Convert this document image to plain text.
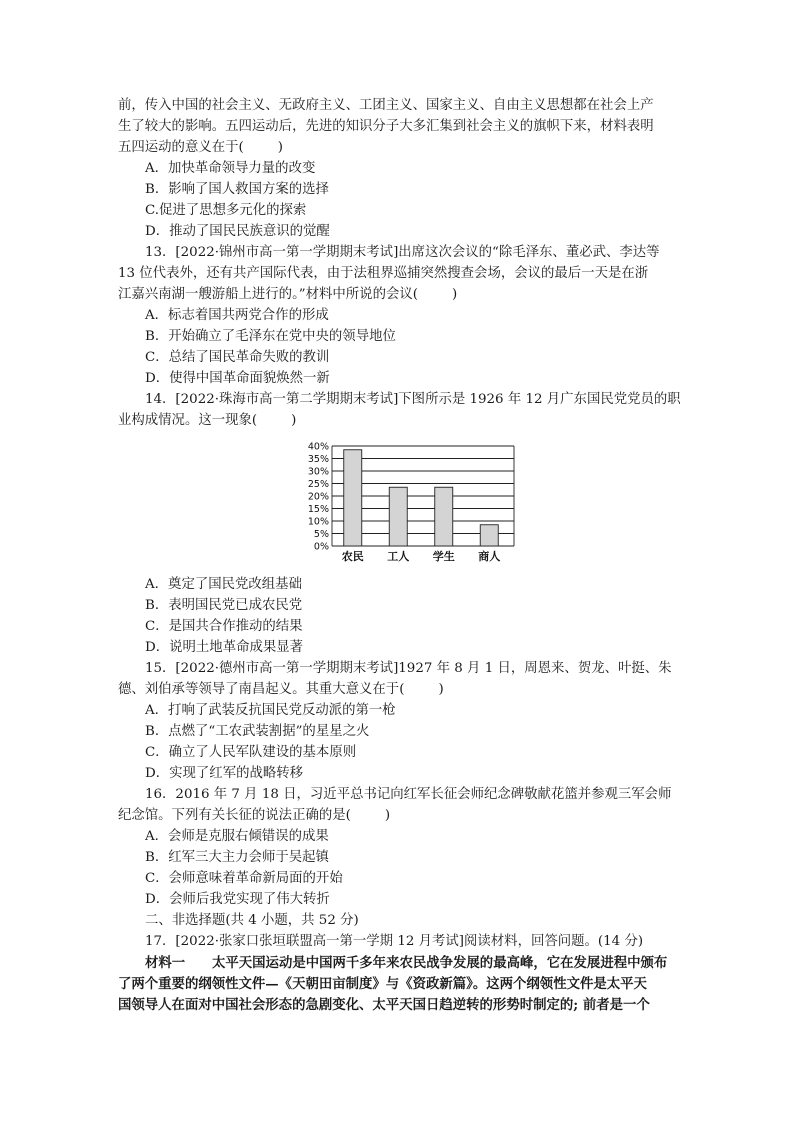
前，传入中国的社会主义、无政府主义、工团主义、国家主义、自由主义思想都在社会上产
生了较大的影响。五四运动后，先进的知识分子大多汇集到社会主义的旗帜下来，材料表明
五四运动的意义在于(	)
A．加快革命领导力量的改变
B．影响了国人救国方案的选择
C.促进了思想多元化的探索
D．推动了国民民族意识的觉醒
13．[2022·锦州市高一第一学期期末考试]出席这次会议的“除毛泽东、董必武、李达等
13 位代表外，还有共产国际代表，由于法租界巡捕突然搜查会场，会议的最后一天是在浙
江嘉兴南湖一艘游船上进行的。”材料中所说的会议(	)
A．标志着国共两党合作的形成
B．开始确立了毛泽东在党中央的领导地位
C．总结了国民革命失败的教训
D．使得中国革命面貌焕然一新
14．[2022·珠海市高一第二学期期末考试]下图所示是 1926 年 12 月广东国民党党员的职
业构成情况。这一现象(	)
0%
5%
10%
15%
20%
25%
30%
35%
40%
农民 工人 学生 商人
A．奠定了国民党改组基础
B．表明国民党已成农民党
C．是国共合作推动的结果
D．说明土地革命成果显著
15．[2022·德州市高一第一学期期末考试]1927 年 8 月 1 日，周恩来、贺龙、叶挺、朱
德、刘伯承等领导了南昌起义。其重大意义在于(	)
A．打响了武装反抗国民党反动派的第一枪
B．点燃了“工农武装割据”的星星之火
C．确立了人民军队建设的基本原则
D．实现了红军的战略转移
16．2016 年 7 月 18 日，习近平总书记向红军长征会师纪念碑敬献花篮并参观三军会师
纪念馆。下列有关长征的说法正确的是(	)
A．会师是克服右倾错误的成果
B．红军三大主力会师于吴起镇
C．会师意味着革命新局面的开始
D．会师后我党实现了伟大转折
二、非选择题(共 4 小题，共 52 分)
17．[2022·张家口张垣联盟高一第一学期 12 月考试]阅读材料，回答问题。(14 分)
材料一 太平天国运动是中国两千多年来农民战争发展的最高峰，它在发展进程中颁布
了两个重要的纲领性文件—《天朝田亩制度》与《资政新篇》。这两个纲领性文件是太平天
国领导人在面对中国社会形态的急剧变化、太平天国日趋逆转的形势时制定的; 前者是一个
